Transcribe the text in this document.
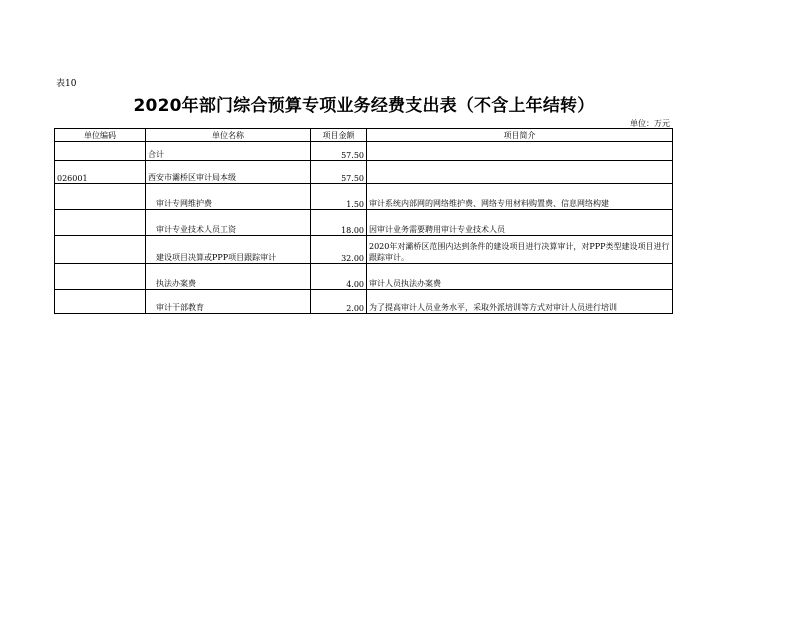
表10
2020年部门综合预算专项业务经费支出表（不含上年结转）
单位：万元
单位编码	单位名称	项目金额	项目简介
	合计	57.50	
026001	西安市灞桥区审计局本级	57.50	
	审计专网维护费	1.50	审计系统内部网的网络维护费、网络专用材料购置费、信息网络构建
	审计专业技术人员工资	18.00	因审计业务需要聘用审计专业技术人员
	建设项目决算或PPP项目跟踪审计	32.00	2020年对灞桥区范围内达到条件的建设项目进行决算审计，对PPP类型建设项目进行跟踪审计。
	执法办案费	4.00	审计人员执法办案费
	审计干部教育	2.00	为了提高审计人员业务水平，采取外派培训等方式对审计人员进行培训
